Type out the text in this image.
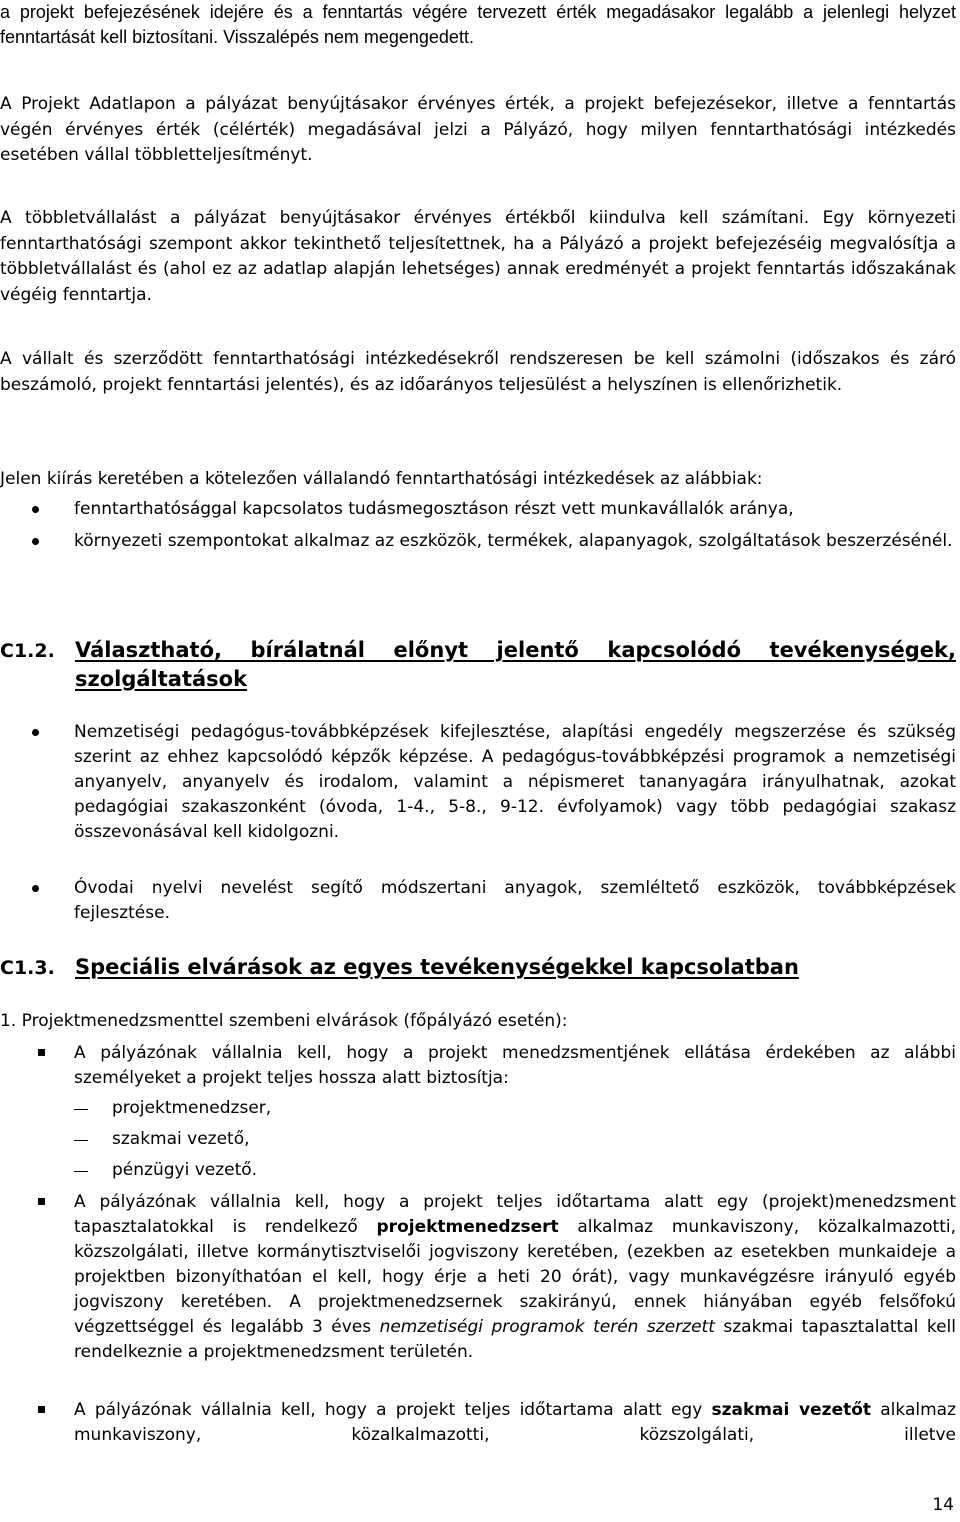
a projekt befejezésének idejére és a fenntartás végére tervezett érték megadásakor legalább a jelenlegi helyzet fenntartását kell biztosítani. Visszalépés nem megengedett.

A Projekt Adatlapon a pályázat benyújtásakor érvényes érték, a projekt befejezésekor, illetve a fenntartás végén érvényes érték (célérték) megadásával jelzi a Pályázó, hogy milyen fenntarthatósági intézkedés esetében vállal többletteljesítményt.

A többletvállalást a pályázat benyújtásakor érvényes értékből kiindulva kell számítani. Egy környezeti fenntarthatósági szempont akkor tekinthető teljesítettnek, ha a Pályázó a projekt befejezéséig megvalósítja a többletvállalást és (ahol ez az adatlap alapján lehetséges) annak eredményét a projekt fenntartás időszakának végéig fenntartja.

A vállalt és szerződött fenntarthatósági intézkedésekről rendszeresen be kell számolni (időszakos és záró beszámoló, projekt fenntartási jelentés), és az időarányos teljesülést a helyszínen is ellenőrizhetik.

Jelen kiírás keretében a kötelezően vállalandó fenntarthatósági intézkedések az alábbiak:

fenntarthatósággal kapcsolatos tudásmegosztáson részt vett munkavállalók aránya,

környezeti szempontokat alkalmaz az eszközök, termékek, alapanyagok, szolgáltatások beszerzésénél.

C1.2. Választható, bírálatnál előnyt jelentő kapcsolódó tevékenységek, szolgáltatások

Nemzetiségi pedagógus-továbbképzések kifejlesztése, alapítási engedély megszerzése és szükség szerint az ehhez kapcsolódó képzők képzése. A pedagógus-továbbképzési programok a nemzetiségi anyanyelv, anyanyelv és irodalom, valamint a népismeret tananyagára irányulhatnak, azokat pedagógiai szakaszonként (óvoda, 1-4., 5-8., 9-12. évfolyamok) vagy több pedagógiai szakasz összevonásával kell kidolgozni.

Óvodai nyelvi nevelést segítő módszertani anyagok, szemléltető eszközök, továbbképzések fejlesztése.

C1.3. Speciális elvárások az egyes tevékenységekkel kapcsolatban

1. Projektmenedzsmenttel szembeni elvárások (főpályázó esetén):

A pályázónak vállalnia kell, hogy a projekt menedzsmentjének ellátása érdekében az alábbi személyeket a projekt teljes hossza alatt biztosítja:

projektmenedzser,

szakmai vezető,

pénzügyi vezető.

A pályázónak vállalnia kell, hogy a projekt teljes időtartama alatt egy (projekt)menedzsment tapasztalatokkal is rendelkező projektmenedzsert alkalmaz munkaviszony, közalkalmazotti, közszolgálati, illetve kormánytisztviselői jogviszony keretében, (ezekben az esetekben munkaideje a projektben bizonyíthatóan el kell, hogy érje a heti 20 órát), vagy munkavégzésre irányuló egyéb jogviszony keretében. A projektmenedzsernek szakirányú, ennek hiányában egyéb felsőfokú végzettséggel és legalább 3 éves nemzetiségi programok terén szerzett szakmai tapasztalattal kell rendelkeznie a projektmenedzsment területén.

A pályázónak vállalnia kell, hogy a projekt teljes időtartama alatt egy szakmai vezetőt alkalmaz munkaviszony, közalkalmazotti, közszolgálati, illetve

14
